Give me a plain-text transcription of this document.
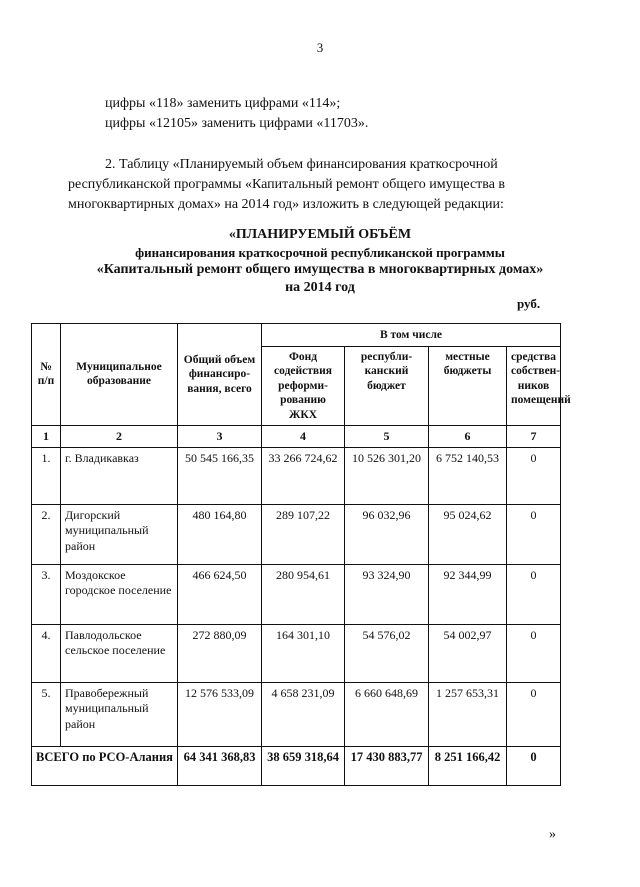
3
цифры «118» заменить цифрами «114»;
цифры «12105» заменить цифрами «11703».
2. Таблицу «Планируемый объем финансирования краткосрочной
республиканской программы «Капитальный ремонт общего имущества в
многоквартирных домах» на 2014 год» изложить в следующей редакции:
«ПЛАНИРУЕМЫЙ ОБЪЁМ
финансирования краткосрочной республиканской программы
«Капитальный ремонт общего имущества в многоквартирных домах»
на 2014 год
руб.
№ п/п	Муниципальное образование	Общий объем финансиро-вания, всего	В том числе			
			Фонд содействия реформи-рованию ЖКХ	республи-канский бюджет	местные бюджеты	средства собствен-ников помещений
1	2	3	4	5	6	7
1.	г. Владикавказ	50 545 166,35	33 266 724,62	10 526 301,20	6 752 140,53	0
2.	Дигорский муниципальный район	480 164,80	289 107,22	96 032,96	95 024,62	0
3.	Моздокское городское поселение	466 624,50	280 954,61	93 324,90	92 344,99	0
4.	Павлодольское сельское поселение	272 880,09	164 301,10	54 576,02	54 002,97	0
5.	Правобережный муниципальный район	12 576 533,09	4 658 231,09	6 660 648,69	1 257 653,31	0
ВСЕГО по РСО-Алания		64 341 368,83	38 659 318,64	17 430 883,77	8 251 166,42	0
»
